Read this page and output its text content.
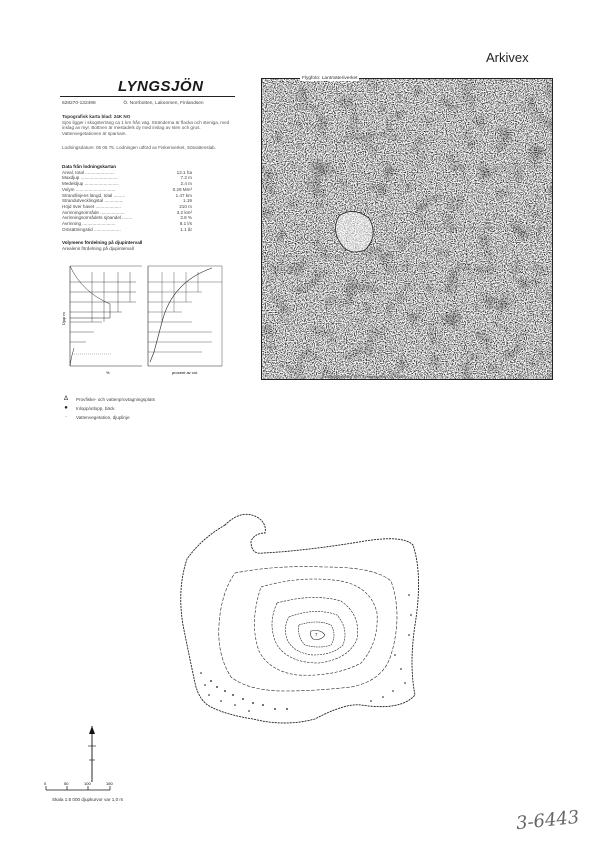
Arkivex
LYNGSJÖN
628270-132498	Ö. Norrbotten, Lakonmen, Finlandsen
Topografisk karta blad: 24K NO
Sjön ligger i skogsterräng ca 1 km från väg. Stränderna är flacka och steniga, med inslag av myr. Bottnen är mestadels dy med inslag av sten och grus. Vattenvegetationen är sparsam.
Lodningsdatum: 05 05 75. Lodningen utförd av Fiskeriverket, Sötvattenslab.
Data från lodningskartan
Areal, total .......................	12.1 ha
Maxdjup .............................	7.2 m
Medeldjup ...........................	2.4 m
Volym ...............................	0.29 Mm³
Strandlinjens längd, total .........	1.47 km
Strandutvecklingstal ...............	1.19
Höjd över havet ....................	210 m
Avrinningsområde ...................	3.2 km²
Avrinningsområdets sjöandel ........	3.8 %
Avrinning ..........................	8.1 l/s
Omsättningstid .....................	1.1 år
Volymens fördelning på djupintervall
Arealens fördelning på djupintervall
%	procent av vol.
Djup m
Flygfoto: Lantmäteriverket
© Lantmäteriverket 1997, Medgivande 507-97-4108
Δ	Provfiske- och vattenprovtagningsplats
●	Inlopp/utlopp, bäck
·	Vattenvegetation, djuplinje
7
0	50	100	150
Skala 1:5 000 djupkurvor var 1,0 m
3-6443
